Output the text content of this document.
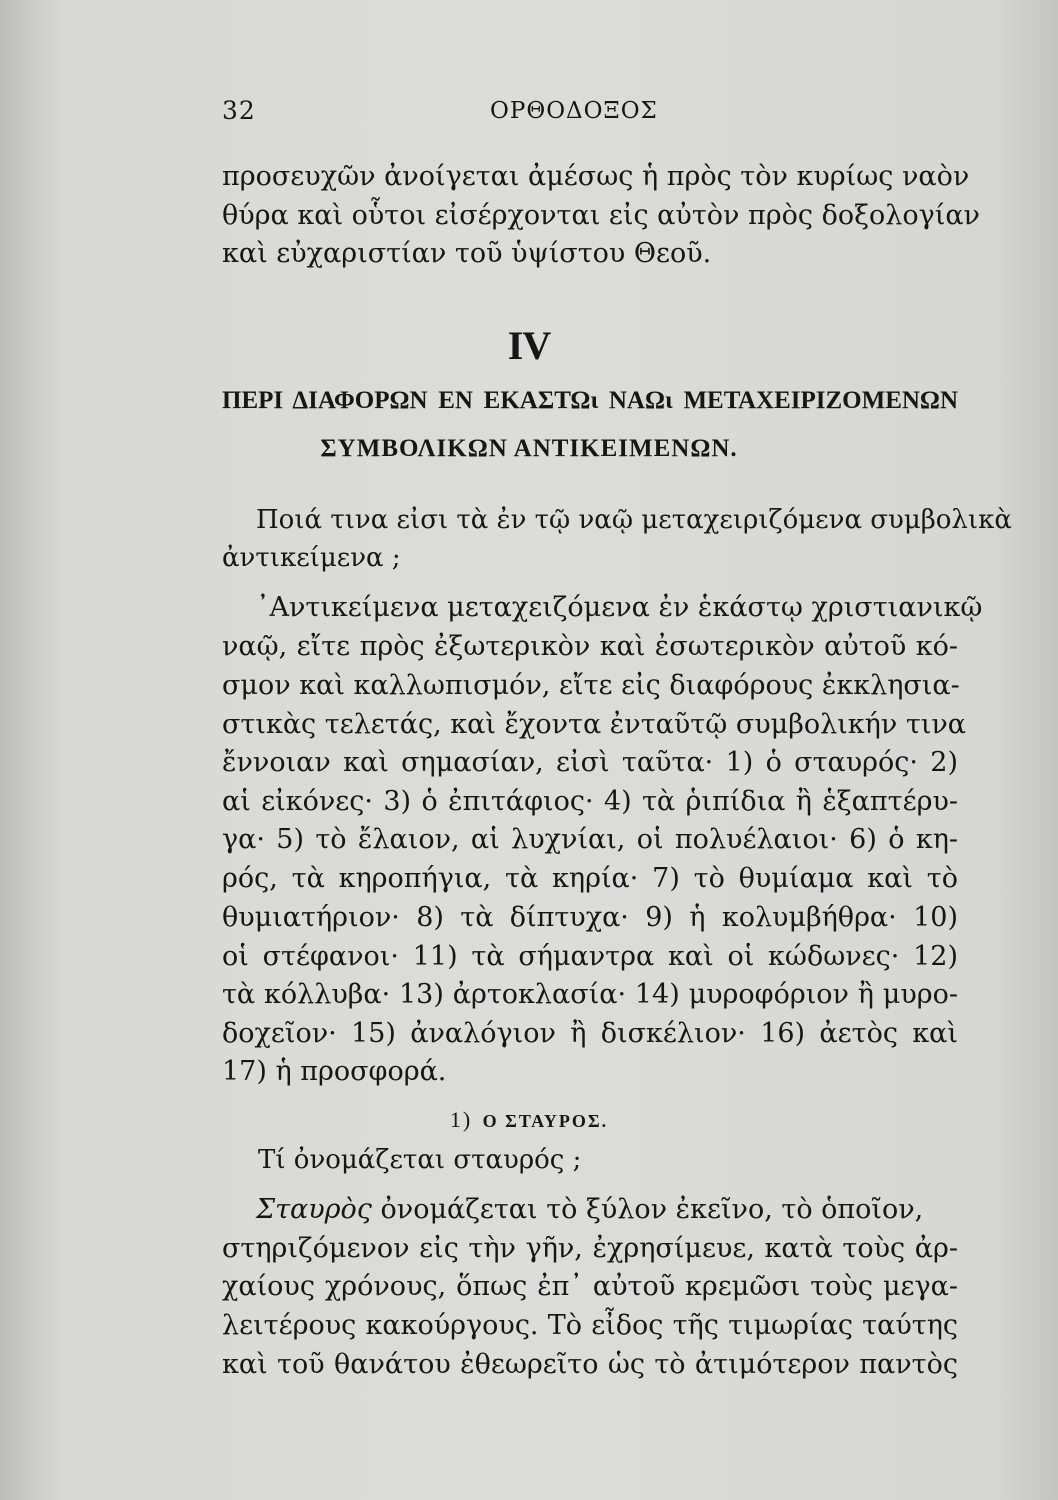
32	ΟΡΘΟΔΟΞΟΣ
προσευχῶν ἀνοίγεται ἀμέσως ἡ πρὸς τὸν κυρίως ναὸν
θύρα καὶ οὗτοι εἰσέρχονται εἰς αὐτὸν πρὸς δοξολογίαν
καὶ εὐχαριστίαν τοῦ ὑψίστου Θεοῦ.
IV
ΠΕΡΙ ΔΙΑΦΟΡΩΝ ΕΝ ΕΚΑΣΤΩι ΝΑΩι ΜΕΤΑΧΕΙΡΙΖΟΜΕΝΩΝ
ΣΥΜΒΟΛΙΚΩΝ ΑΝΤΙΚΕΙΜΕΝΩΝ.
Ποιά τινα εἰσι τὰ ἐν τῷ ναῷ μεταχειριζόμενα συμβολικὰ
ἀντικείμενα ;
᾿Αντικείμενα μεταχειζόμενα ἐν ἑκάστῳ χριστιανικῷ
ναῷ, εἴτε πρὸς ἐξωτερικὸν καὶ ἐσωτερικὸν αὐτοῦ κό-
σμον καὶ καλλωπισμόν, εἴτε εἰς διαφόρους ἐκκλησια-
στικὰς τελετάς, καὶ ἔχοντα ἐνταῦτῷ συμβολικήν τινα
ἔννοιαν καὶ σημασίαν, εἰσὶ ταῦτα· 1) ὁ σταυρός· 2)
αἱ εἰκόνες· 3) ὁ ἐπιτάφιος· 4) τὰ ῥιπίδια ἢ ἑξαπτέρυ-
γα· 5) τὸ ἔλαιον, αἱ λυχνίαι, οἱ πολυέλαιοι· 6) ὁ κη-
ρός, τὰ κηροπήγια, τὰ κηρία· 7) τὸ θυμίαμα καὶ τὸ
θυμιατήριον· 8) τὰ δίπτυχα· 9) ἡ κολυμβήθρα· 10)
οἱ στέφανοι· 11) τὰ σήμαντρα καὶ οἱ κώδωνες· 12)
τὰ κόλλυβα· 13) ἀρτοκλασία· 14) μυροφόριον ἢ μυρο-
δοχεῖον· 15) ἀναλόγιον ἢ δισκέλιον· 16) ἀετὸς καὶ
17) ἡ προσφορά.
1) Ο ΣΤΑΥΡΟΣ.
Τί ὀνομάζεται σταυρός ;
Σταυρὸς ὀνομάζεται τὸ ξύλον ἐκεῖνο, τὸ ὁποῖον,
στηριζόμενον εἰς τὴν γῆν, ἐχρησίμευε, κατὰ τοὺς ἀρ-
χαίους χρόνους, ὅπως ἐπ᾿ αὐτοῦ κρεμῶσι τοὺς μεγα-
λειτέρους κακούργους. Τὸ εἶδος τῆς τιμωρίας ταύτης
καὶ τοῦ θανάτου ἐθεωρεῖτο ὡς τὸ ἀτιμότερον παντὸς
